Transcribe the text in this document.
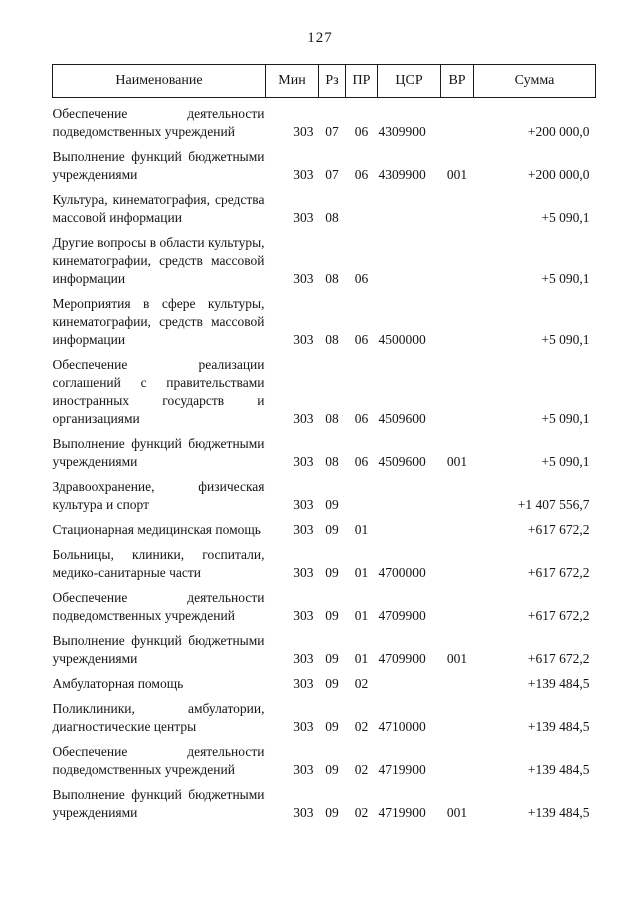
127
Наименование	Мин	Рз	ПР	ЦСР	ВР	Сумма
Обеспечение деятельности подведомственных учреждений	303	07	06	4309900		+200 000,0
Выполнение функций бюджетными учреждениями	303	07	06	4309900	001	+200 000,0
Культура, кинематография, средства массовой информации	303	08				+5 090,1
Другие вопросы в области культуры, кинематографии, средств массовой информации	303	08	06			+5 090,1
Мероприятия в сфере культуры, кинематографии, средств массовой информации	303	08	06	4500000		+5 090,1
Обеспечение реализации соглашений с правительствами иностранных государств и организациями	303	08	06	4509600		+5 090,1
Выполнение функций бюджетными учреждениями	303	08	06	4509600	001	+5 090,1
Здравоохранение, физическая культура и спорт	303	09				+1 407 556,7
Стационарная медицинская помощь	303	09	01			+617 672,2
Больницы, клиники, госпитали, медико-санитарные части	303	09	01	4700000		+617 672,2
Обеспечение деятельности подведомственных учреждений	303	09	01	4709900		+617 672,2
Выполнение функций бюджетными учреждениями	303	09	01	4709900	001	+617 672,2
Амбулаторная помощь	303	09	02			+139 484,5
Поликлиники, амбулатории, диагностические центры	303	09	02	4710000		+139 484,5
Обеспечение деятельности подведомственных учреждений	303	09	02	4719900		+139 484,5
Выполнение функций бюджетными учреждениями	303	09	02	4719900	001	+139 484,5
